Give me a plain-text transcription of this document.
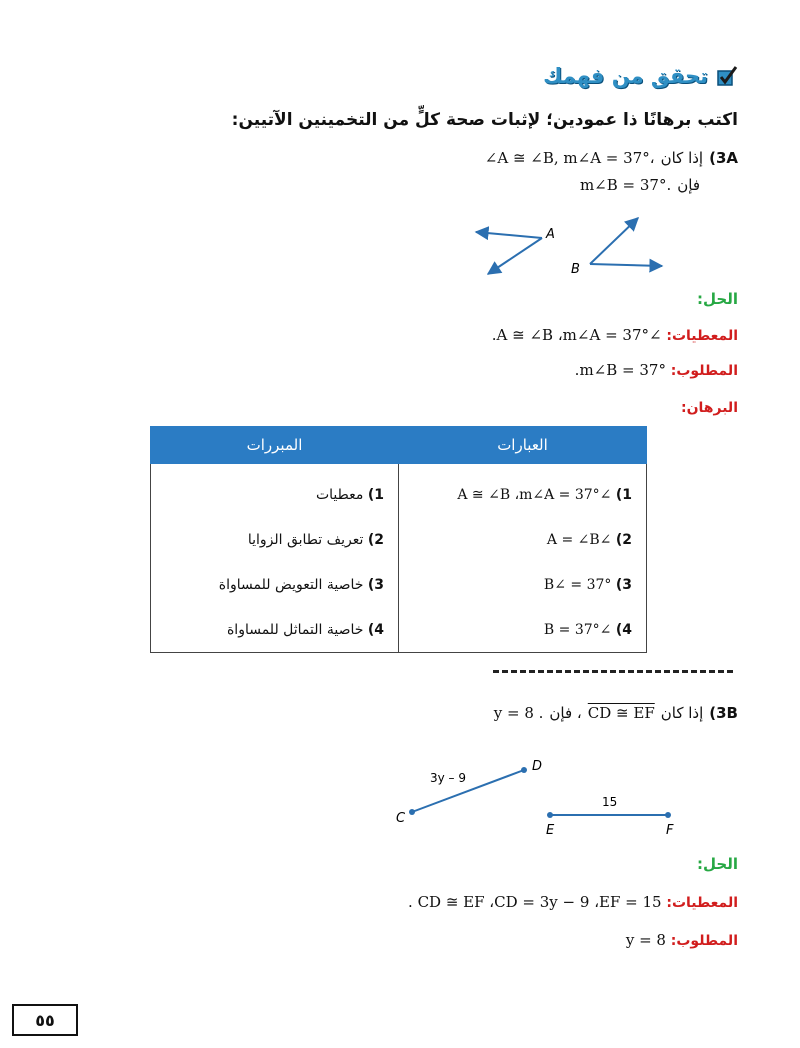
تحقق من فهمك
اكتب برهانًا ذا عمودين؛ لإثبات صحة كلٍّ من التخمينين الآتيين:
3A)
إذا كان
∠A ≅ ∠B, m∠A = 37°،
فإن
m∠B = 37°.
A
B
الحل:
المعطيات: ∠A ≅ ∠B ،m∠A = 37°.
المطلوب: m∠B = 37°.
البرهان:
العبارات	المبررات
1) ∠A ≅ ∠B ،m∠A = 37°	1) معطيات
2) ∠A = ∠B	2) تعريف تطابق الزوايا
3) 37° = ∠B	3) خاصية التعويض للمساواة
4) ∠B = 37°	4) خاصية التماثل للمساواة
3B)
إذا كان
CD ≅ EF
، فإن
y = 8 .
C
D
3y – 9
E	F
15
الحل:
المعطيات: CD ≅ EF ،CD = 3y − 9 ،EF = 15 .
المطلوب: y = 8
٥٥
